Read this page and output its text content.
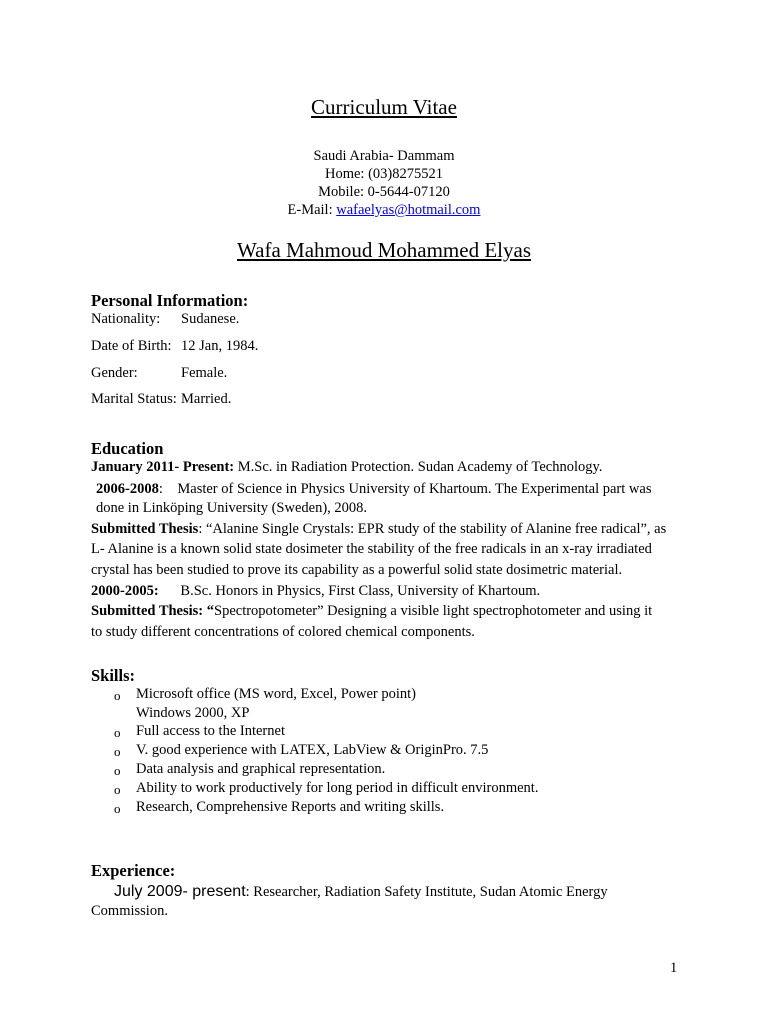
Curriculum Vitae
Saudi Arabia- Dammam
Home: (03)8275521
Mobile: 0-5644-07120
E-Mail: wafaelyas@hotmail.com
Wafa Mahmoud Mohammed Elyas
Personal Information:
Nationality: Sudanese.
Date of Birth: 12 Jan, 1984.
Gender:	Female.
Marital Status: Married.
Education
January 2011- Present: M.Sc. in Radiation Protection. Sudan Academy of Technology.
2006-2008:    Master of Science in Physics University of Khartoum. The Experimental part was
done in Linköping University (Sweden), 2008.
Submitted Thesis: “Alanine Single Crystals: EPR study of the stability of Alanine free radical”, as
L- Alanine is a known solid state dosimeter the stability of the free radicals in an x-ray irradiated
crystal has been studied to prove its capability as a powerful solid state dosimetric material.
2000-2005:      B.Sc. Honors in Physics, First Class, University of Khartoum.
Submitted Thesis: “Spectropotometer” Designing a visible light spectrophotometer and using it
to study different concentrations of colored chemical components.
Skills:
o Microsoft office (MS word, Excel, Power point)
Windows 2000, XP
o Full access to the Internet
o V. good experience with LATEX, LabView & OriginPro. 7.5
o Data analysis and graphical representation.
o Ability to work productively for long period in difficult environment.
o Research, Comprehensive Reports and writing skills.
Experience:
July 2009- present: Researcher, Radiation Safety Institute, Sudan Atomic Energy
Commission.
1
